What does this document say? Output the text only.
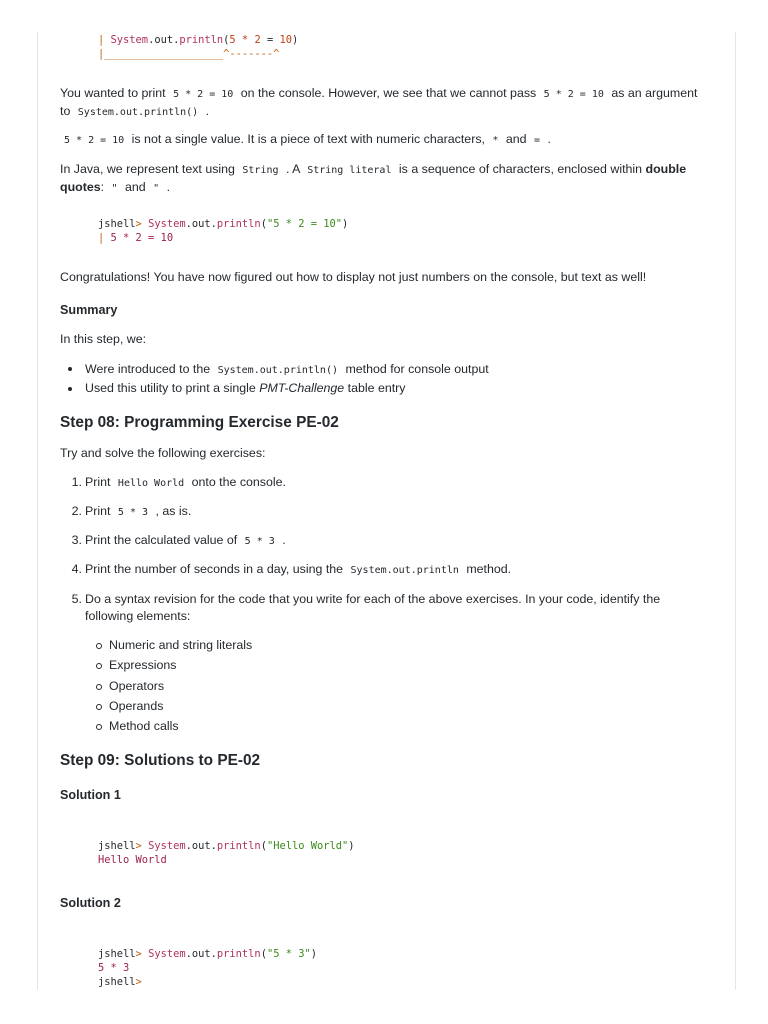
| System.out.println(5 * 2 = 10)
|___________________^-------^

You wanted to print 5 * 2 = 10 on the console. However, we see that we cannot pass 5 * 2 = 10 as an argument to System.out.println() .

5 * 2 = 10 is not a single value. It is a piece of text with numeric characters, * and = .

In Java, we represent text using String . A String literal is a sequence of characters, enclosed within double quotes: " and " .

jshell> System.out.println("5 * 2 = 10")
| 5 * 2 = 10

Congratulations! You have now figured out how to display not just numbers on the console, but text as well!

Summary

In this step, we:

Were introduced to the System.out.println() method for console output
Used this utility to print a single PMT-Challenge table entry
Step 08: Programming Exercise PE-02

Try and solve the following exercises:

1. Print Hello World onto the console.
2. Print 5 * 3 , as is.
3. Print the calculated value of 5 * 3 .
4. Print the number of seconds in a day, using the System.out.println method.
5. Do a syntax revision for the code that you write for each of the above exercises. In your code, identify the
following elements:
Numeric and string literals
Expressions
Operators
Operands
Method calls
Step 09: Solutions to PE-02
Solution 1
jshell> System.out.println("Hello World")
Hello World
Solution 2
jshell> System.out.println("5 * 3")
5 * 3
jshell>
